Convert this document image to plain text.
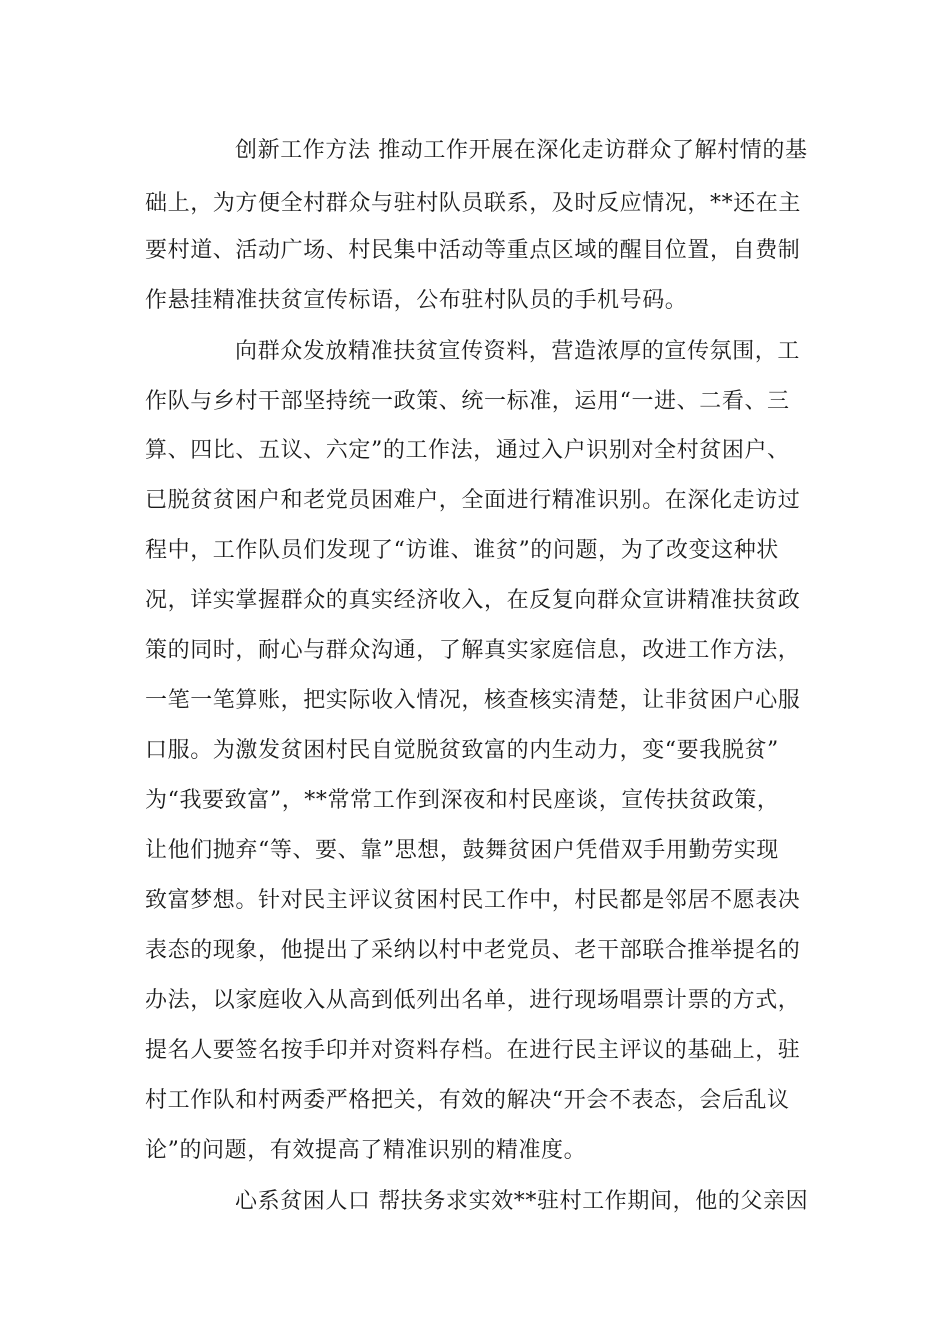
创新工作方法 推动工作开展在深化走访群众了解村情的基
础上，为方便全村群众与驻村队员联系，及时反应情况，**还在主
要村道、活动广场、村民集中活动等重点区域的醒目位置，自费制
作悬挂精准扶贫宣传标语，公布驻村队员的手机号码。
向群众发放精准扶贫宣传资料，营造浓厚的宣传氛围，工
作队与乡村干部坚持统一政策、统一标准，运用“一进、二看、三
算、四比、五议、六定”的工作法，通过入户识别对全村贫困户、
已脱贫贫困户和老党员困难户，全面进行精准识别。在深化走访过
程中，工作队员们发现了“访谁、谁贫”的问题，为了改变这种状
况，详实掌握群众的真实经济收入，在反复向群众宣讲精准扶贫政
策的同时，耐心与群众沟通，了解真实家庭信息，改进工作方法，
一笔一笔算账，把实际收入情况，核查核实清楚，让非贫困户心服
口服。为激发贫困村民自觉脱贫致富的内生动力，变“要我脱贫”
为“我要致富”，**常常工作到深夜和村民座谈，宣传扶贫政策，
让他们抛弃“等、要、靠”思想，鼓舞贫困户凭借双手用勤劳实现
致富梦想。针对民主评议贫困村民工作中，村民都是邻居不愿表决
表态的现象，他提出了采纳以村中老党员、老干部联合推举提名的
办法，以家庭收入从高到低列出名单，进行现场唱票计票的方式，
提名人要签名按手印并对资料存档。在进行民主评议的基础上，驻
村工作队和村两委严格把关，有效的解决“开会不表态，会后乱议
论”的问题，有效提高了精准识别的精准度。
心系贫困人口 帮扶务求实效**驻村工作期间，他的父亲因
